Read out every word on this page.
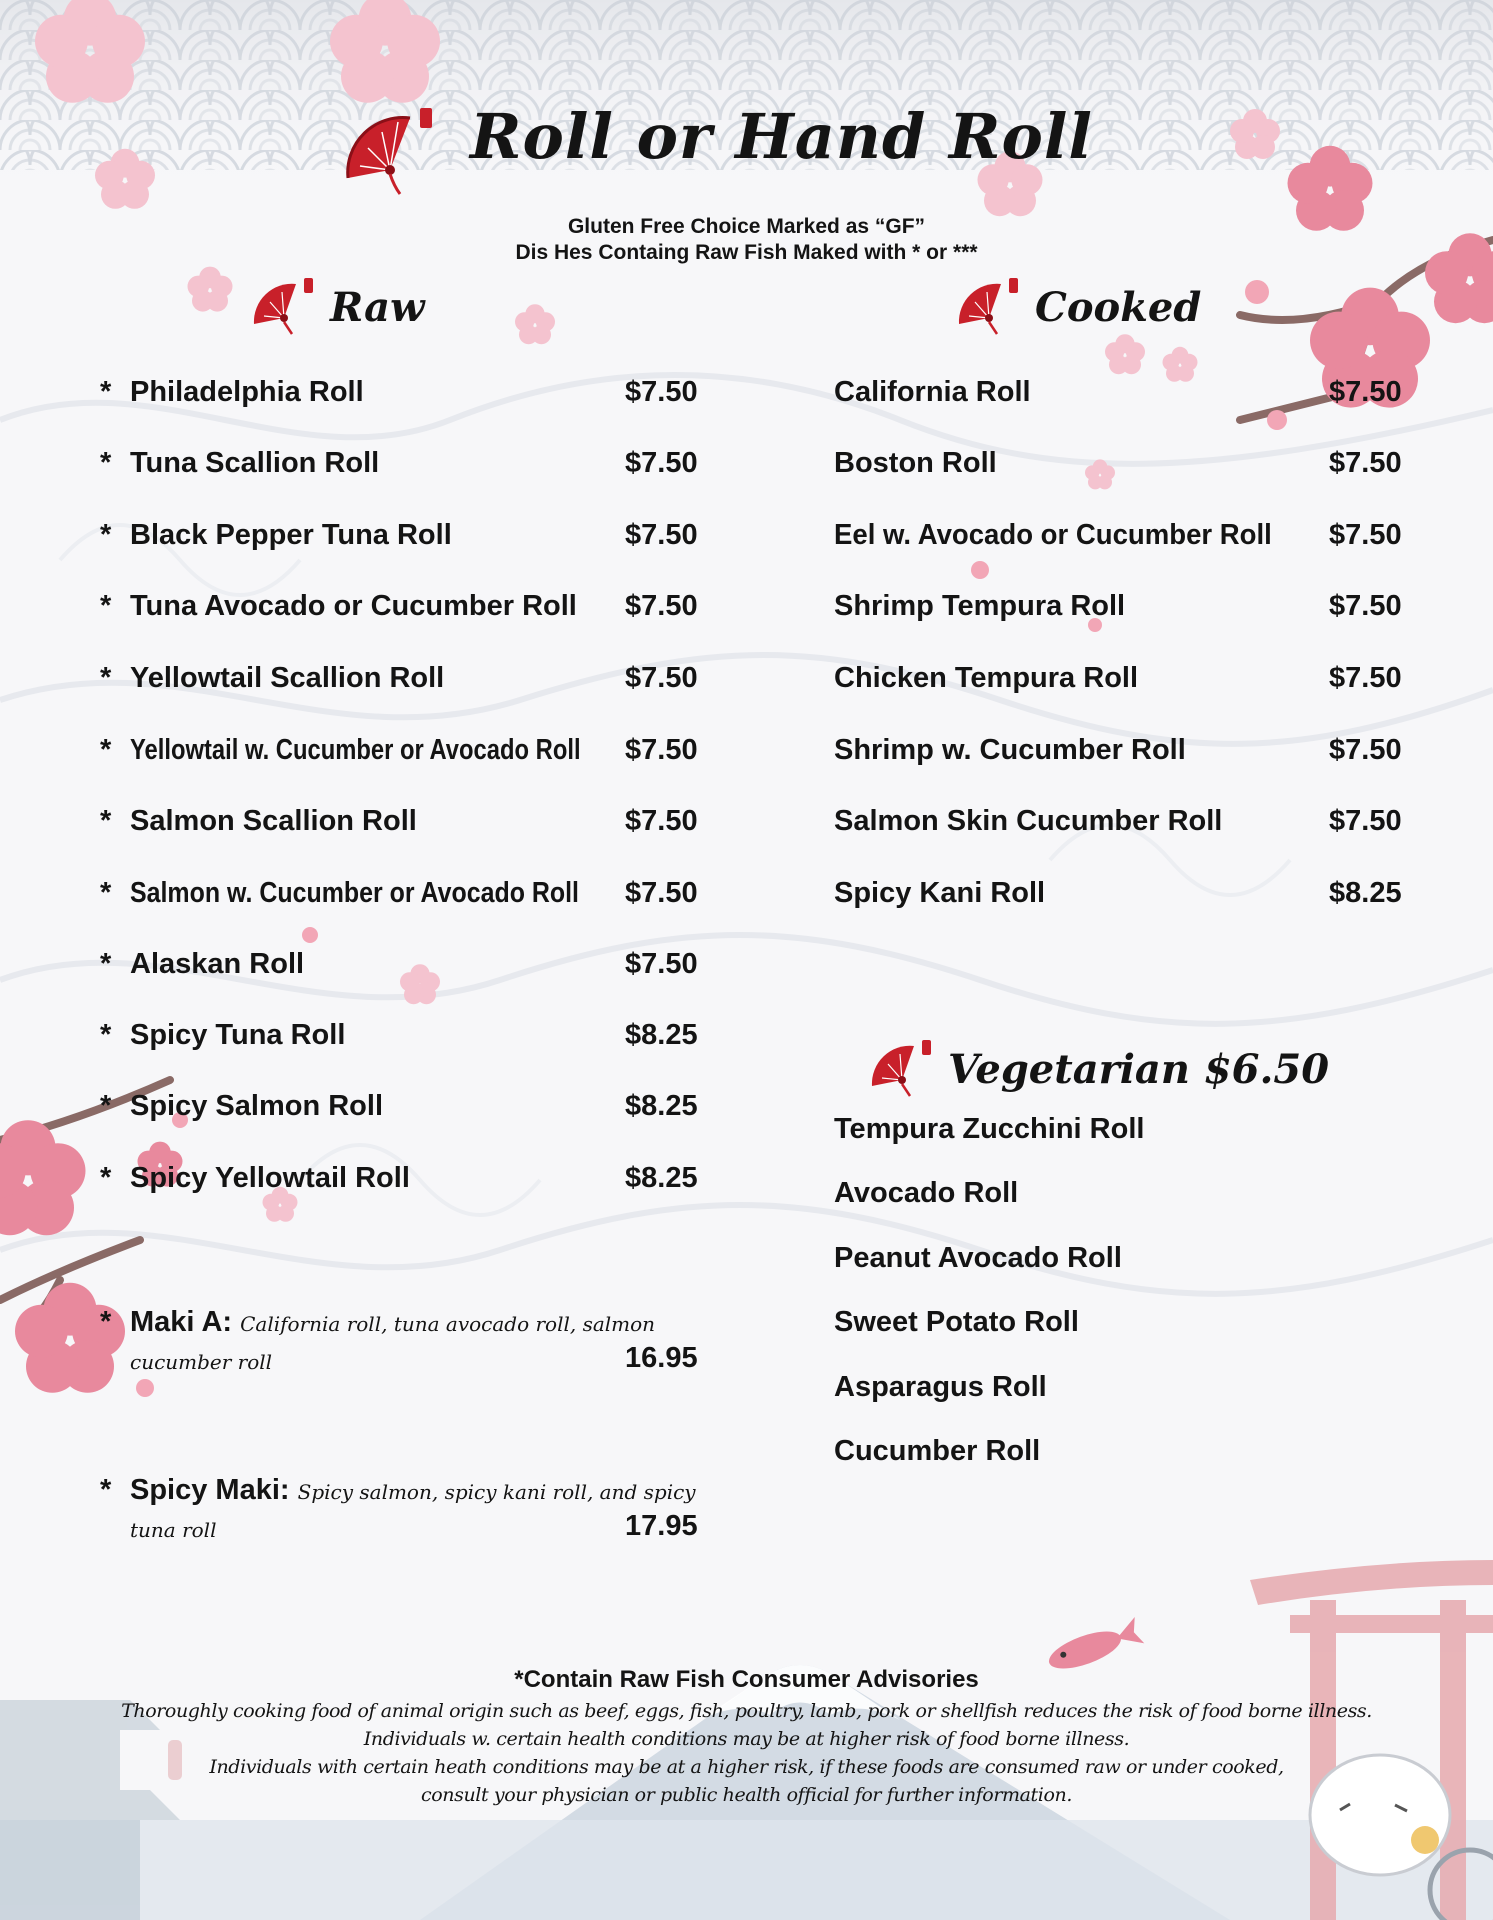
Roll or Hand Roll
Gluten Free Choice Marked as “GF”
Dis Hes Containg Raw Fish Maked with * or ***
Raw	Cooked
* Philadelphia Roll	$7.50
* Tuna Scallion Roll	$7.50
* Black Pepper Tuna Roll	$7.50
* Tuna Avocado or Cucumber Roll $7.50
* Yellowtail Scallion Roll	$7.50
* Yellowtail w. Cucumber or Avocado Roll $7.50
* Salmon Scallion Roll	$7.50
* Salmon w. Cucumber or Avocado Roll $7.50
* Alaskan Roll	$7.50
* Spicy Tuna Roll	$8.25
* Spicy Salmon Roll	$8.25
* Spicy Yellowtail Roll	$8.25
* Maki A: California roll, tuna avocado roll, salmon
cucumber roll	16.95
* Spicy Maki: Spicy salmon, spicy kani roll, and spicy
tuna roll	17.95
California Roll	$7.50
Boston Roll	$7.50
Eel w. Avocado or Cucumber Roll $7.50
Shrimp Tempura Roll	$7.50
Chicken Tempura Roll	$7.50
Shrimp w. Cucumber Roll	$7.50
Salmon Skin Cucumber Roll	$7.50
Spicy Kani Roll	$8.25
Vegetarian $6.50
Tempura Zucchini Roll
Avocado Roll
Peanut Avocado Roll
Sweet Potato Roll
Asparagus Roll
Cucumber Roll
*Contain Raw Fish Consumer Advisories
Thoroughly cooking food of animal origin such as beef, eggs, fish, poultry, lamb, pork or shellfish reduces the risk of food borne illness.
Individuals w. certain health conditions may be at higher risk of food borne illness.
Individuals with certain heath conditions may be at a higher risk, if these foods are consumed raw or under cooked,
consult your physician or public health official for further information.
